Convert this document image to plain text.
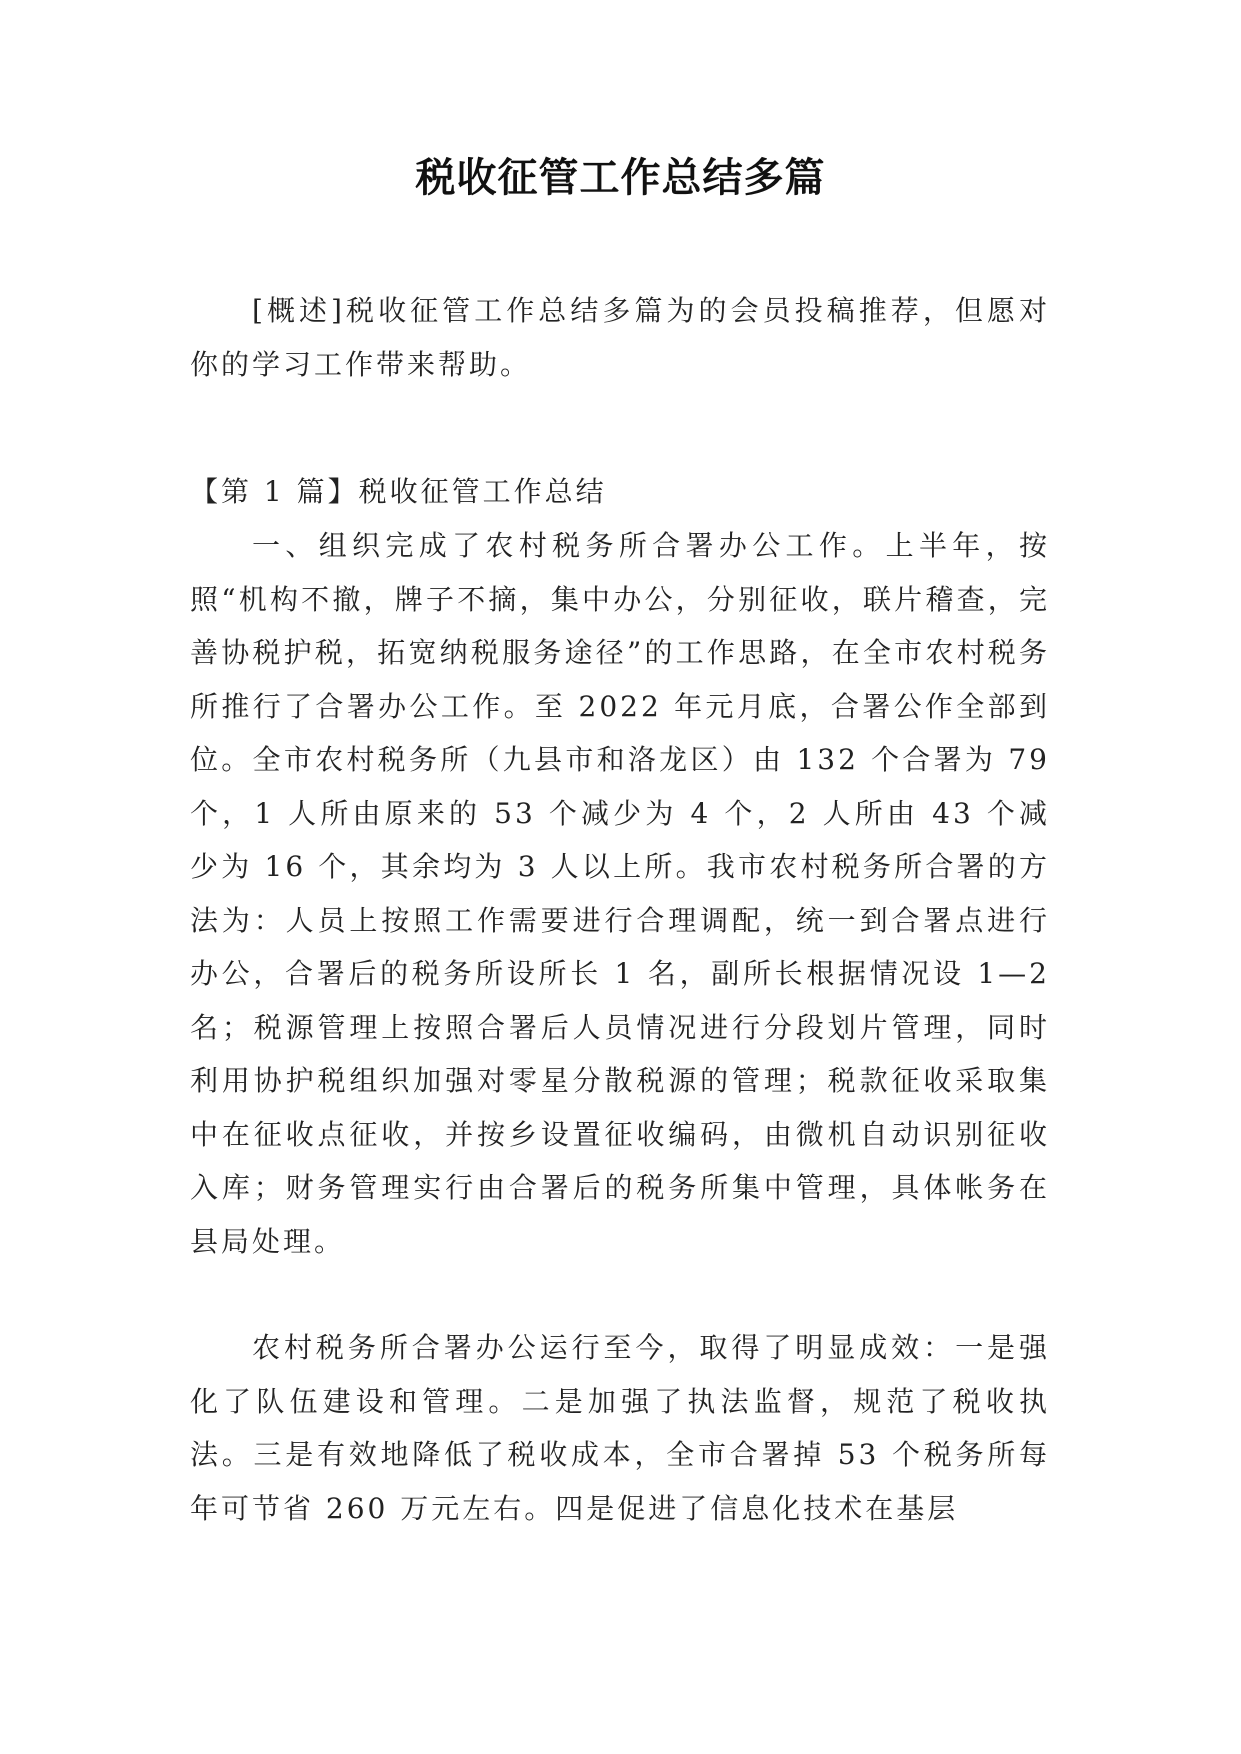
税收征管工作总结多篇

[概述]税收征管工作总结多篇为的会员投稿推荐，但愿对你的学习工作带来帮助。

【第 1 篇】税收征管工作总结

一、组织完成了农村税务所合署办公工作。上半年，按照“机构不撤，牌子不摘，集中办公，分别征收，联片稽查，完善协税护税，拓宽纳税服务途径”的工作思路，在全市农村税务所推行了合署办公工作。至 2022 年元月底，合署公作全部到位。全市农村税务所（九县市和洛龙区）由 132 个合署为 79 个，1 人所由原来的 53 个减少为 4 个，2 人所由 43 个减少为 16 个，其余均为 3 人以上所。我市农村税务所合署的方法为：人员上按照工作需要进行合理调配，统一到合署点进行办公，合署后的税务所设所长 1 名，副所长根据情况设 1—2 名；税源管理上按照合署后人员情况进行分段划片管理，同时利用协护税组织加强对零星分散税源的管理；税款征收采取集中在征收点征收，并按乡设置征收编码，由微机自动识别征收入库；财务管理实行由合署后的税务所集中管理，具体帐务在县局处理。

农村税务所合署办公运行至今，取得了明显成效：一是强化了队伍建设和管理。二是加强了执法监督，规范了税收执法。三是有效地降低了税收成本，全市合署掉 53 个税务所每年可节省 260 万元左右。四是促进了信息化技术在基层
